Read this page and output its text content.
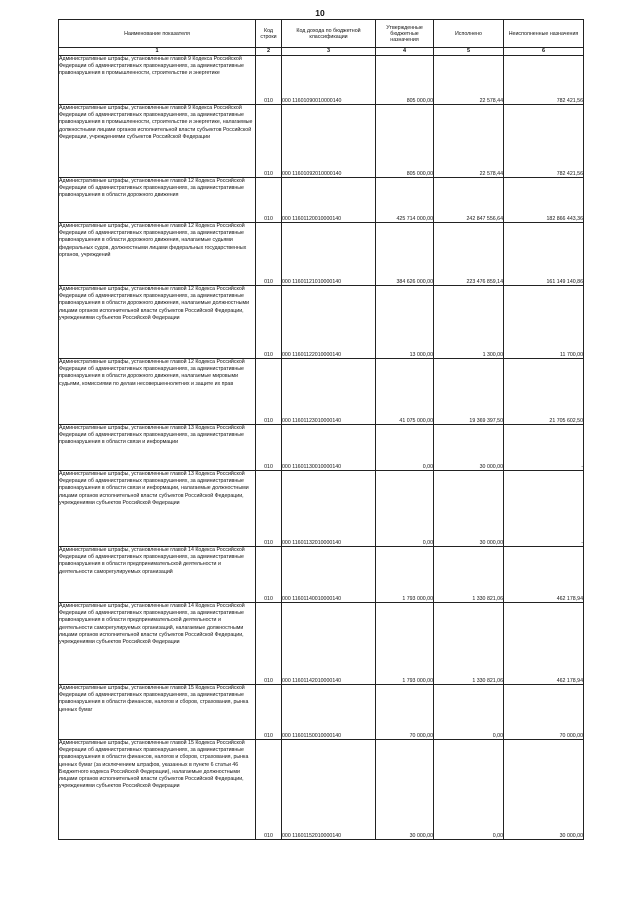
10
Наименование показателя	Код строки	Код дохода по бюджетной классификации	Утвержденные бюджетные назначения	Исполнено	Неисполненные назначения
1	2	3	4	5	6
Административные штрафы, установленные главой 9 Кодекса Российской Федерации об административных правонарушениях, за административные правонарушения в промышленности, строительстве и энергетике	010	000 11601090010000140	805 000,00	22 578,44	782 421,56
Административные штрафы, установленные главой 9 Кодекса Российской Федерации об административных правонарушениях, за административные правонарушения в промышленности, строительстве и энергетике, налагаемые должностными лицами органов исполнительной власти субъектов Российской Федерации, учреждениями субъектов Российской Федерации	010	000 11601092010000140	805 000,00	22 578,44	782 421,56
Административные штрафы, установленные главой 12 Кодекса Российской Федерации об административных правонарушениях, за административные правонарушения в области дорожного движения	010	000 11601120010000140	425 714 000,00	242 847 556,64	182 866 443,36
Административные штрафы, установленные главой 12 Кодекса Российской Федерации об административных правонарушениях, за административные правонарушения в области дорожного движения, налагаемые судьями федеральных судов, должностными лицами федеральных государственных органов, учреждений	010	000 11601121010000140	384 626 000,00	223 476 859,14	161 149 140,86
Административные штрафы, установленные главой 12 Кодекса Российской Федерации об административных правонарушениях, за административные правонарушения в области дорожного движения, налагаемые должностными лицами органов исполнительной власти субъектов Российской Федерации, учреждениями субъектов Российской Федерации	010	000 11601122010000140	13 000,00	1 300,00	11 700,00
Административные штрафы, установленные главой 12 Кодекса Российской Федерации об административных правонарушениях, за административные правонарушения в области дорожного движения, налагаемые мировыми судьями, комиссиями по делам несовершеннолетних и защите их прав	010	000 11601123010000140	41 075 000,00	19 369 397,50	21 705 602,50
Административные штрафы, установленные главой 13 Кодекса Российской Федерации об административных правонарушениях, за административные правонарушения в области связи и информации	010	000 11601130010000140	0,00	30 000,00	-
Административные штрафы, установленные главой 13 Кодекса Российской Федерации об административных правонарушениях, за административные правонарушения в области связи и информации, налагаемые должностными лицами органов исполнительной власти субъектов Российской Федерации, учреждениями субъектов Российской Федерации	010	000 11601132010000140	0,00	30 000,00	-
Административные штрафы, установленные главой 14 Кодекса Российской Федерации об административных правонарушениях, за административные правонарушения в области предпринимательской деятельности и деятельности саморегулируемых организаций	010	000 11601140010000140	1 793 000,00	1 330 821,06	462 178,94
Административные штрафы, установленные главой 14 Кодекса Российской Федерации об административных правонарушениях, за административные правонарушения в области предпринимательской деятельности и деятельности саморегулируемых организаций, налагаемые должностными лицами органов исполнительной власти субъектов Российской Федерации, учреждениями субъектов Российской Федерации	010	000 11601142010000140	1 793 000,00	1 330 821,06	462 178,94
Административные штрафы, установленные главой 15 Кодекса Российской Федерации об административных правонарушениях, за административные правонарушения в области финансов, налогов и сборов, страхования, рынка ценных бумаг	010	000 11601150010000140	70 000,00	0,00	70 000,00
Административные штрафы, установленные главой 15 Кодекса Российской Федерации об административных правонарушениях, за административные правонарушения в области финансов, налогов и сборов, страхования, рынка ценных бумаг (за исключением штрафов, указанных в пункте 6 статьи 46 Бюджетного кодекса Российской Федерации), налагаемые должностными лицами органов исполнительной власти субъектов Российской Федерации, учреждениями субъектов Российской Федерации	010	000 11601152010000140	30 000,00	0,00	30 000,00
